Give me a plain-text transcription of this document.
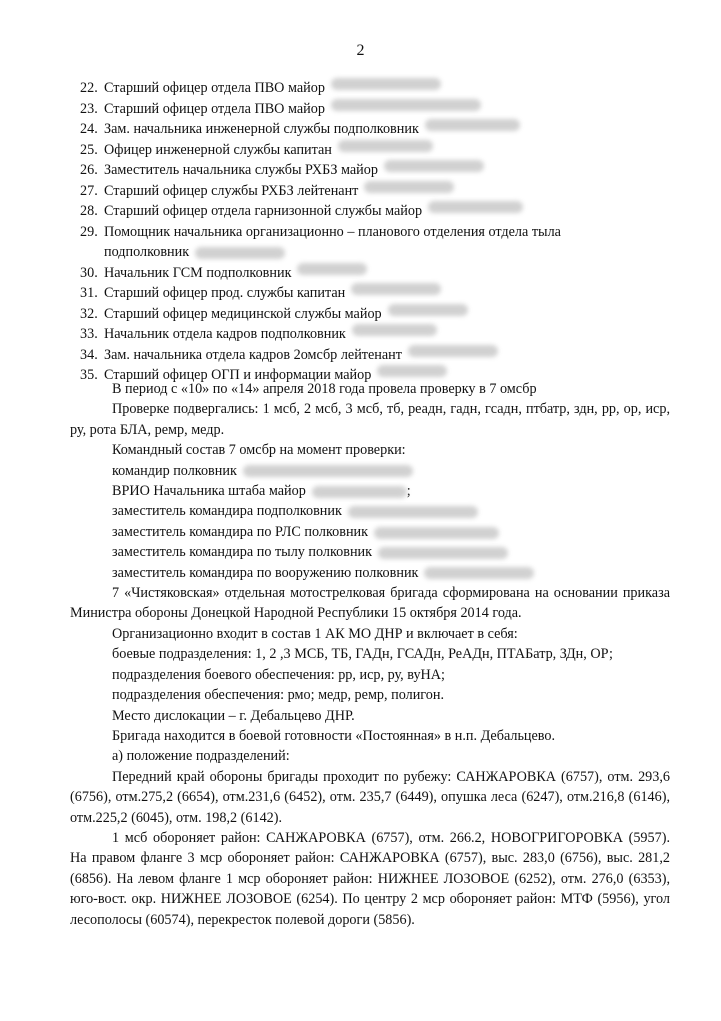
2
22. Старший офицер отдела ПВО майор
23. Старший офицер отдела ПВО майор
24. Зам. начальника инженерной службы подполковник
25. Офицер инженерной службы капитан
26. Заместитель начальника службы РХБЗ майор
27. Старший офицер службы РХБЗ лейтенант
28. Старший офицер отдела гарнизонной службы майор
29. Помощник начальника организационно – планового отделения отдела тыла подполковник
30. Начальник ГСМ подполковник
31. Старший офицер прод. службы капитан
32. Старший офицер медицинской службы майор
33. Начальник отдела кадров подполковник
34. Зам. начальника отдела кадров 2омсбр лейтенант
35. Старший офицер ОГП и информации майор
В период с «10» по «14» апреля 2018 года провела проверку в 7 омсбр
Проверке подвергались: 1 мсб, 2 мсб, 3 мсб, тб, реадн, гадн, гсадн, птбатр, здн, рр, ор, иср, ру, рота БЛА, ремр, медр.
Командный состав 7 омсбр на момент проверки:
командир полковник
ВРИО Начальника штаба майор	;
заместитель командира подполковник
заместитель командира по РЛС полковник
заместитель командира по тылу полковник
заместитель командира по вооружению полковник
7 «Чистяковская» отдельная мотострелковая бригада сформирована на основании приказа Министра обороны Донецкой Народной Республики 15 октября 2014 года.
Организационно входит в состав 1 АК МО ДНР и включает в себя:
боевые подразделения: 1, 2 ,3 МСБ, ТБ, ГАДн, ГСАДн, РеАДн, ПТАБатр, ЗДн, ОР;
подразделения боевого обеспечения: рр, иср, ру, вуНА;
подразделения обеспечения: рмо; медр, ремр, полигон.
Место дислокации – г. Дебальцево ДНР.
Бригада находится в боевой готовности «Постоянная» в н.п. Дебальцево.
а) положение подразделений:
Передний край обороны бригады проходит по рубежу: САНЖАРОВКА (6757), отм. 293,6 (6756), отм.275,2 (6654), отм.231,6 (6452), отм. 235,7 (6449), опушка леса (6247), отм.216,8 (6146), отм.225,2 (6045), отм. 198,2 (6142).
1 мсб обороняет район: САНЖАРОВКА (6757), отм. 266.2, НОВОГРИГОРОВКА (5957). На правом фланге 3 мср обороняет район: САНЖАРОВКА (6757), выс. 283,0 (6756), выс. 281,2 (6856). На левом фланге 1 мср обороняет район: НИЖНЕЕ ЛОЗОВОЕ (6252), отм. 276,0 (6353), юго-вост. окр. НИЖНЕЕ ЛОЗОВОЕ (6254). По центру 2 мср обороняет район: МТФ (5956), угол лесополосы (60574), перекресток полевой дороги (5856).
